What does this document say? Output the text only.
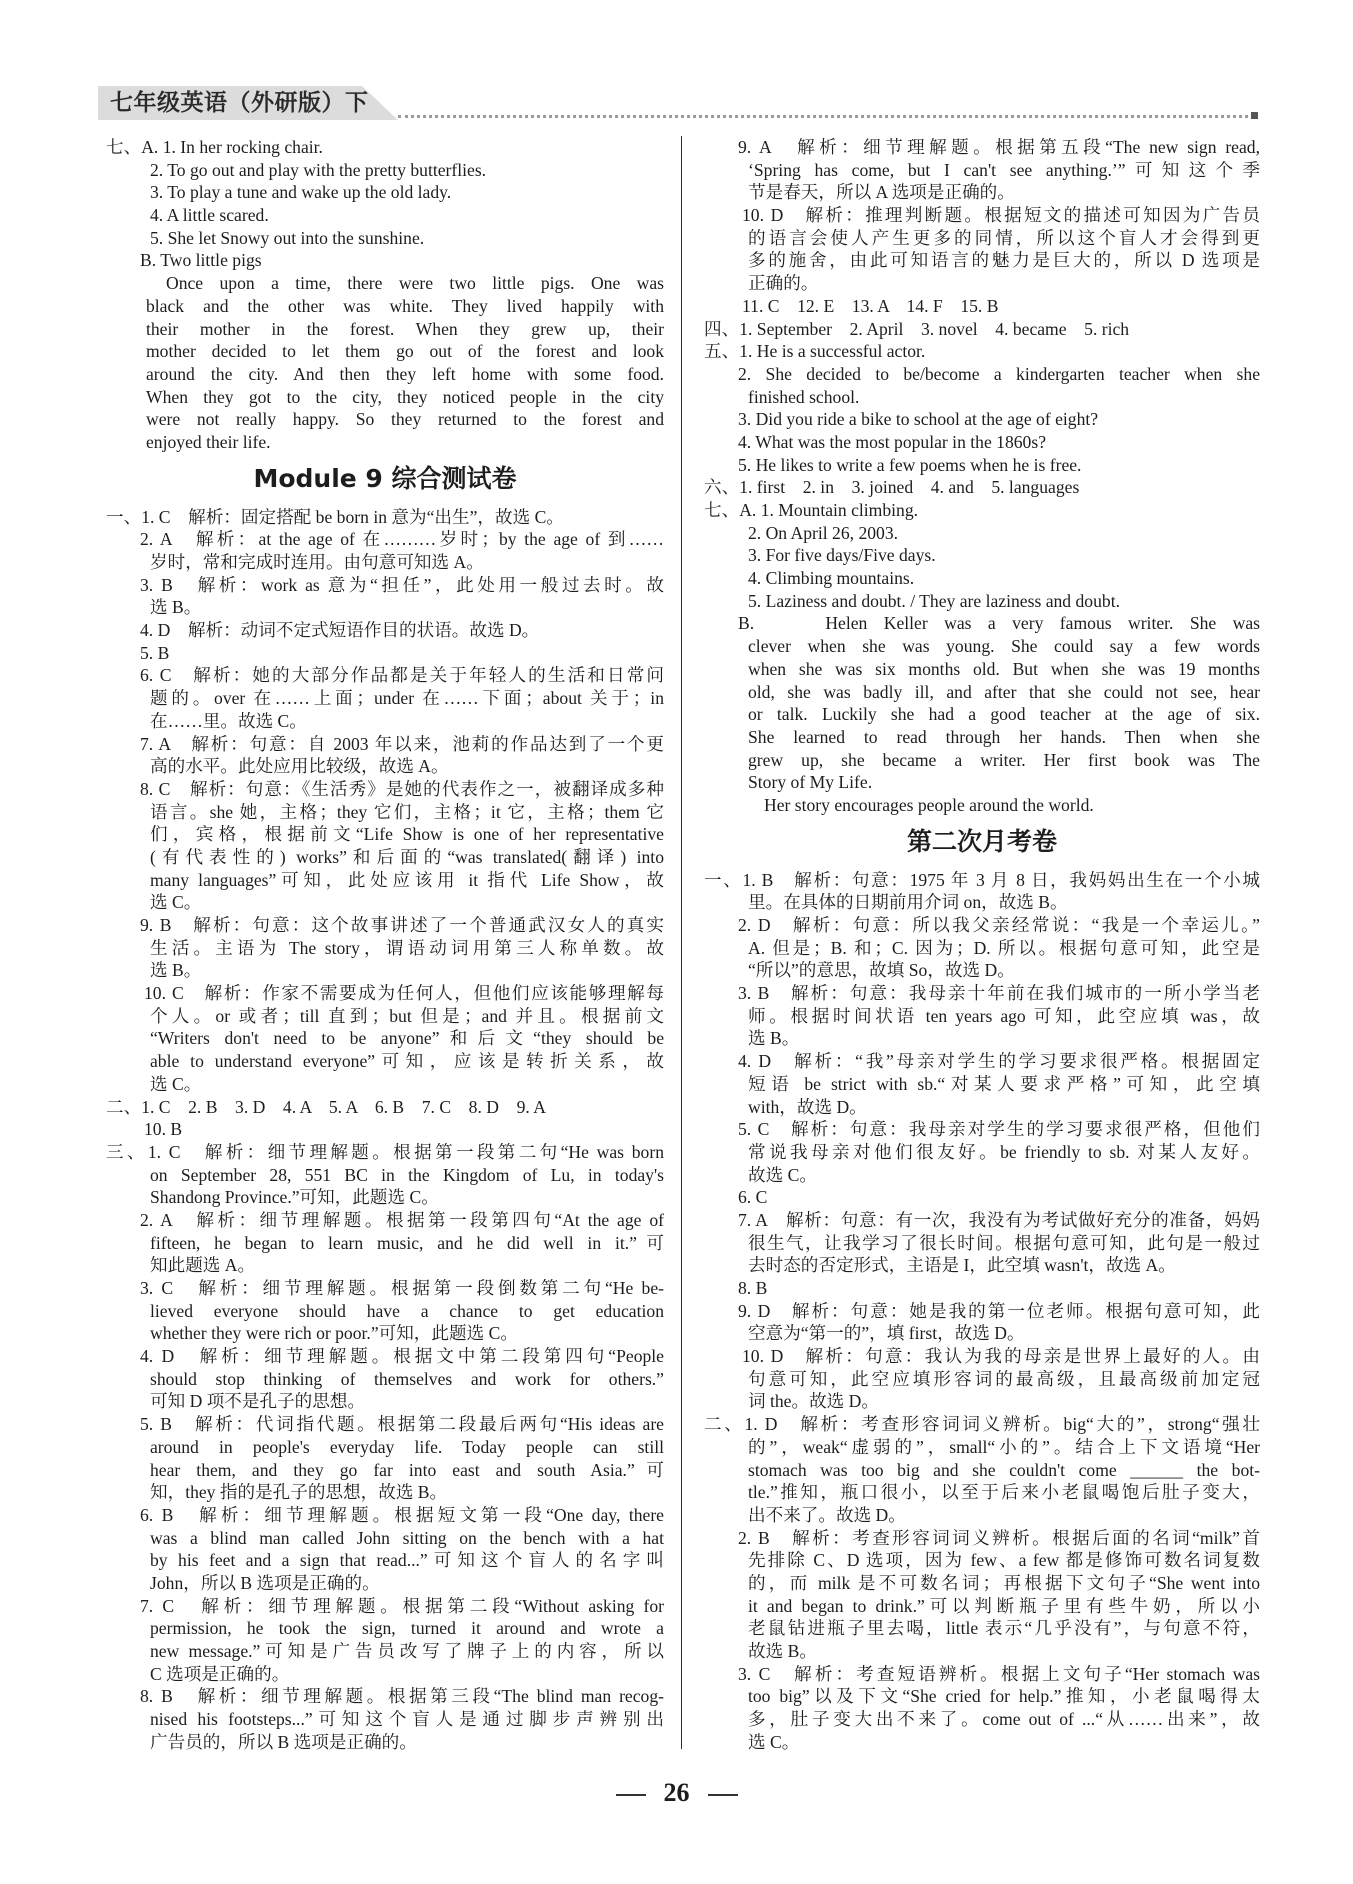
七年级英语（外研版）下
七、A. 1. In her rocking chair.
2. To go out and play with the pretty butterflies.
3. To play a tune and wake up the old lady.
4. A little scared.
5. She let Snowy out into the sunshine.
B. Two little pigs
Once upon a time, there were two little pigs. One was
black and the other was white. They lived happily with
their mother in the forest. When they grew up, their
mother decided to let them go out of the forest and look
around the city. And then they left home with some food.
When they got to the city, they noticed people in the city
were not really happy. So they returned to the forest and
enjoyed their life.
Module 9 综合测试卷
一、1. C　解析：固定搭配 be born in 意为“出生”，故选 C。
2. A　解析：at the age of 在………岁时；by the age of 到……
岁时，常和完成时连用。由句意可知选 A。
3. B　解析：work as 意为“担任”，此处用一般过去时。故
选 B。
4. D　解析：动词不定式短语作目的状语。故选 D。
5. B
6. C　解析：她的大部分作品都是关于年轻人的生活和日常问
题的。over 在……上面；under 在……下面；about 关于；in
在……里。故选 C。
7. A　解析：句意：自 2003 年以来，池莉的作品达到了一个更
高的水平。此处应用比较级，故选 A。
8. C　解析：句意：《生活秀》是她的代表作之一，被翻译成多种
语言。she 她，主格；they 它们，主格；it 它，主格；them 它
们，宾格，根据前文“Life Show is one of her representative
(有代表性的) works”和后面的“was translated(翻译) into
many languages”可知，此处应该用 it 指代 Life Show，故
选 C。
9. B　解析：句意：这个故事讲述了一个普通武汉女人的真实
生活。主语为 The story，谓语动词用第三人称单数。故
选 B。
10. C　解析：作家不需要成为任何人，但他们应该能够理解每
个人。or 或者；till 直到；but 但是；and 并且。根据前文
“Writers don't need to be anyone”和后文“they should be
able to understand everyone”可知，应该是转折关系，故
选 C。
二、1. C　2. B　3. D　4. A　5. A　6. B　7. C　8. D　9. A
10. B
三、1. C　解析：细节理解题。根据第一段第二句“He was born
on September 28, 551 BC in the Kingdom of Lu, in today's
Shandong Province.”可知，此题选 C。
2. A　解析：细节理解题。根据第一段第四句“At the age of
fifteen, he began to learn music, and he did well in it.”可
知此题选 A。
3. C　解析：细节理解题。根据第一段倒数第二句“He be-
lieved everyone should have a chance to get education
whether they were rich or poor.”可知，此题选 C。
4. D　解析：细节理解题。根据文中第二段第四句“People
should stop thinking of themselves and work for others.”
可知 D 项不是孔子的思想。
5. B　解析：代词指代题。根据第二段最后两句“His ideas are
around in people's everyday life. Today people can still
hear them, and they go far into east and south Asia.”可
知，they 指的是孔子的思想，故选 B。
6. B　解析：细节理解题。根据短文第一段“One day, there
was a blind man called John sitting on the bench with a hat
by his feet and a sign that read...”可知这个盲人的名字叫
John，所以 B 选项是正确的。
7. C　解析：细节理解题。根据第二段“Without asking for
permission, he took the sign, turned it around and wrote a
new message.”可知是广告员改写了牌子上的内容，所以
C 选项是正确的。
8. B　解析：细节理解题。根据第三段“The blind man recog-
nised his footsteps...”可知这个盲人是通过脚步声辨别出
广告员的，所以 B 选项是正确的。
9. A　解析：细节理解题。根据第五段“The new sign read,
‘Spring has come, but I can't see anything.’”可知这个季
节是春天，所以 A 选项是正确的。
10. D　解析：推理判断题。根据短文的描述可知因为广告员
的语言会使人产生更多的同情，所以这个盲人才会得到更
多的施舍，由此可知语言的魅力是巨大的，所以 D 选项是
正确的。
11. C　12. E　13. A　14. F　15. B
四、1. September　2. April　3. novel　4. became　5. rich
五、1. He is a successful actor.
2. She decided to be/become a kindergarten teacher when she
finished school.
3. Did you ride a bike to school at the age of eight?
4. What was the most popular in the 1860s?
5. He likes to write a few poems when he is free.
六、1. first　2. in　3. joined　4. and　5. languages
七、A. 1. Mountain climbing.
2. On April 26, 2003.
3. For five days/Five days.
4. Climbing mountains.
5. Laziness and doubt. / They are laziness and doubt.
B.　　Helen Keller was a very famous writer. She was
clever when she was young. She could say a few words
when she was six months old. But when she was 19 months
old, she was badly ill, and after that she could not see, hear
or talk. Luckily she had a good teacher at the age of six.
She learned to read through her hands. Then when she
grew up, she became a writer. Her first book was The
Story of My Life.
Her story encourages people around the world.
第二次月考卷
一、1. B　解析：句意：1975 年 3 月 8 日，我妈妈出生在一个小城
里。在具体的日期前用介词 on，故选 B。
2. D　解析：句意：所以我父亲经常说：“我是一个幸运儿。”
A. 但是；B. 和；C. 因为；D. 所以。根据句意可知，此空是
“所以”的意思，故填 So，故选 D。
3. B　解析：句意：我母亲十年前在我们城市的一所小学当老
师。根据时间状语 ten years ago 可知，此空应填 was，故
选 B。
4. D　解析：“我”母亲对学生的学习要求很严格。根据固定
短语 be strict with sb.“对某人要求严格”可知，此空填
with，故选 D。
5. C　解析：句意：我母亲对学生的学习要求很严格，但他们
常说我母亲对他们很友好。be friendly to sb. 对某人友好。
故选 C。
6. C
7. A　解析：句意：有一次，我没有为考试做好充分的准备，妈妈
很生气，让我学习了很长时间。根据句意可知，此句是一般过
去时态的否定形式，主语是 I，此空填 wasn't，故选 A。
8. B
9. D　解析：句意：她是我的第一位老师。根据句意可知，此
空意为“第一的”，填 first，故选 D。
10. D　解析：句意：我认为我的母亲是世界上最好的人。由
句意可知，此空应填形容词的最高级，且最高级前加定冠
词 the。故选 D。
二、1. D　解析：考查形容词词义辨析。big“大的”，strong“强壮
的”，weak“虚弱的”，small“小的”。结合上下文语境“Her
stomach was too big and she couldn't come ______ the bot-
tle.”推知，瓶口很小，以至于后来小老鼠喝饱后肚子变大，
出不来了。故选 D。
2. B　解析：考查形容词词义辨析。根据后面的名词“milk”首
先排除 C、D 选项，因为 few、a few 都是修饰可数名词复数
的，而 milk 是不可数名词；再根据下文句子“She went into
it and began to drink.”可以判断瓶子里有些牛奶，所以小
老鼠钻进瓶子里去喝，little 表示“几乎没有”，与句意不符，
故选 B。
3. C　解析：考查短语辨析。根据上文句子“Her stomach was
too big”以及下文“She cried for help.”推知，小老鼠喝得太
多，肚子变大出不来了。come out of ...“从……出来”，故
选 C。
26
